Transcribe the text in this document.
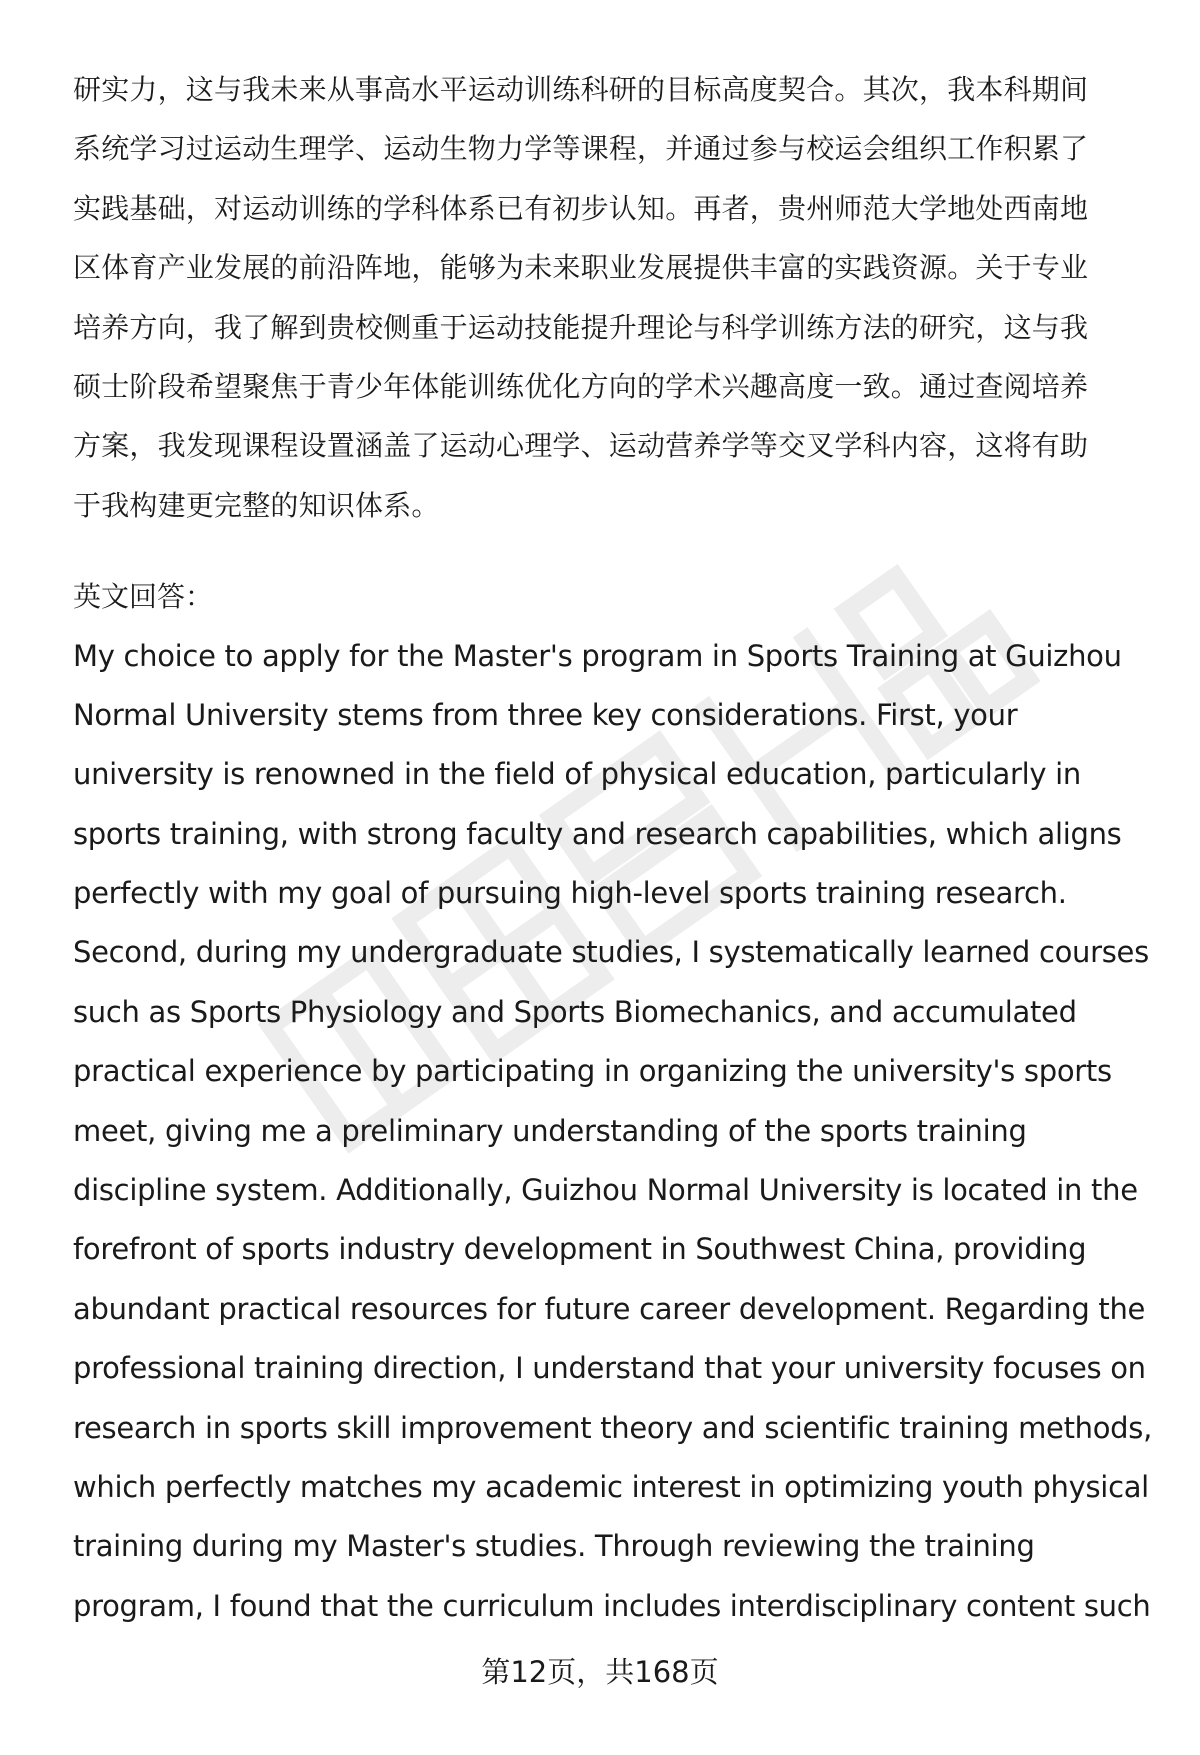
研实力，这与我未来从事高水平运动训练科研的目标高度契合。其次，我本科期间
系统学习过运动生理学、运动生物力学等课程，并通过参与校运会组织工作积累了
实践基础，对运动训练的学科体系已有初步认知。再者，贵州师范大学地处西南地
区体育产业发展的前沿阵地，能够为未来职业发展提供丰富的实践资源。关于专业
培养方向，我了解到贵校侧重于运动技能提升理论与科学训练方法的研究，这与我
硕士阶段希望聚焦于青少年体能训练优化方向的学术兴趣高度一致。通过查阅培养
方案，我发现课程设置涵盖了运动心理学、运动营养学等交叉学科内容，这将有助
于我构建更完整的知识体系。
英文回答：
My choice to apply for the Master's program in Sports Training at Guizhou
Normal University stems from three key considerations. First, your
university is renowned in the field of physical education, particularly in
sports training, with strong faculty and research capabilities, which aligns
perfectly with my goal of pursuing high-level sports training research.
Second, during my undergraduate studies, I systematically learned courses
such as Sports Physiology and Sports Biomechanics, and accumulated
practical experience by participating in organizing the university's sports
meet, giving me a preliminary understanding of the sports training
discipline system. Additionally, Guizhou Normal University is located in the
forefront of sports industry development in Southwest China, providing
abundant practical resources for future career development. Regarding the
professional training direction, I understand that your university focuses on
research in sports skill improvement theory and scientific training methods,
which perfectly matches my academic interest in optimizing youth physical
training during my Master's studies. Through reviewing the training
program, I found that the curriculum includes interdisciplinary content such
第12页，共168页
